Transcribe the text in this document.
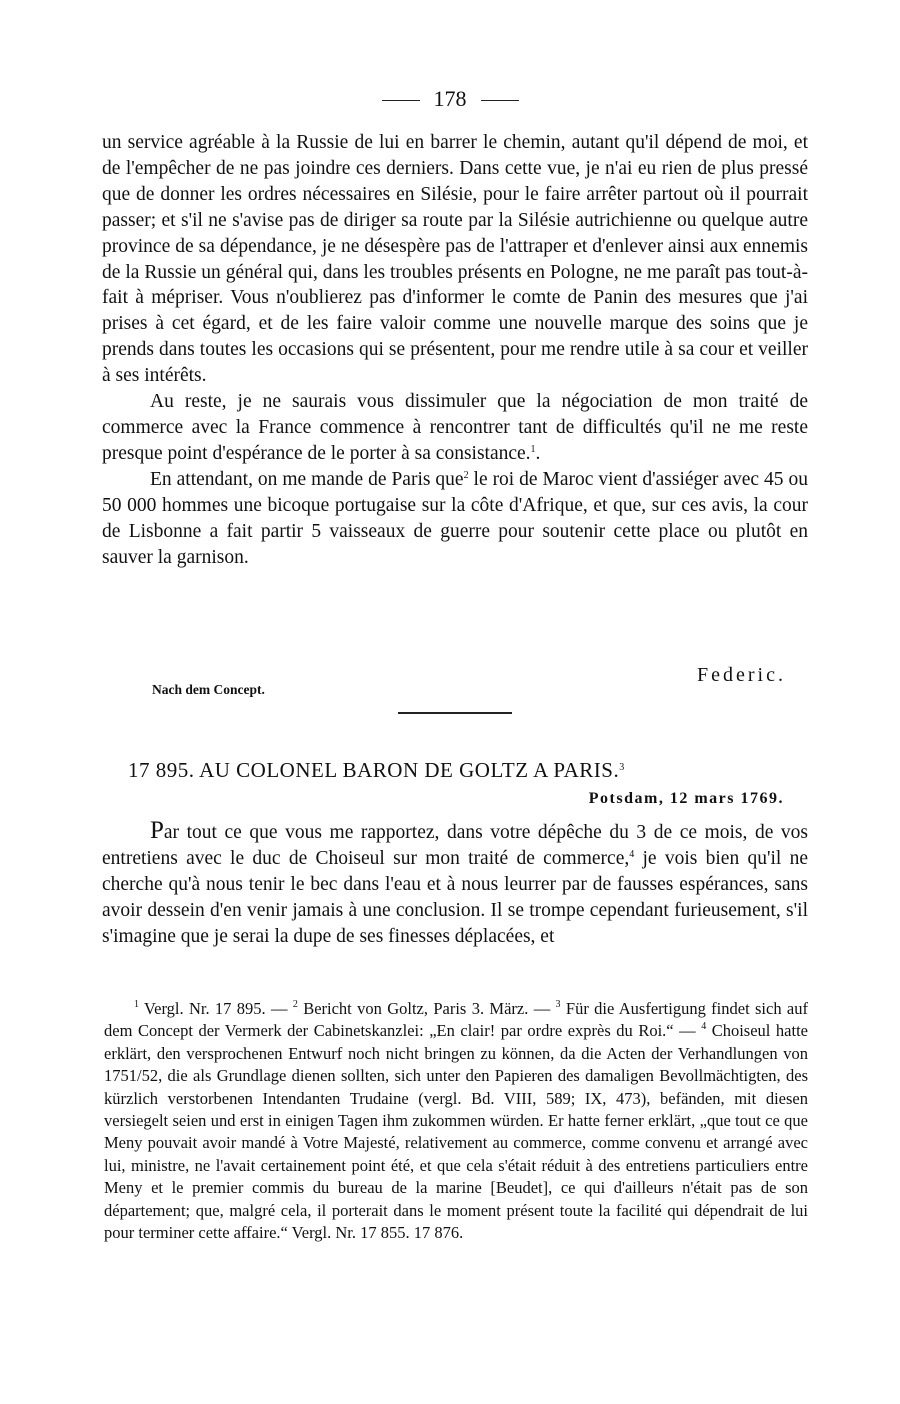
178

un service agréable à la Russie de lui en barrer le chemin, autant qu'il dépend de moi, et de l'empêcher de ne pas joindre ces derniers. Dans cette vue, je n'ai eu rien de plus pressé que de donner les ordres nécessaires en Silésie, pour le faire arrêter partout où il pourrait passer; et s'il ne s'avise pas de diriger sa route par la Silésie autrichienne ou quelque autre province de sa dépendance, je ne désespère pas de l'attraper et d'enlever ainsi aux ennemis de la Russie un général qui, dans les troubles présents en Pologne, ne me paraît pas tout-à-fait à mépriser. Vous n'oublierez pas d'informer le comte de Panin des mesures que j'ai prises à cet égard, et de les faire valoir comme une nouvelle marque des soins que je prends dans toutes les occasions qui se présentent, pour me rendre utile à sa cour et veiller à ses intérêts.

Au reste, je ne saurais vous dissimuler que la négociation de mon traité de commerce avec la France commence à rencontrer tant de difficultés qu'il ne me reste presque point d'espérance de le porter à sa consistance.$^1$.

En attendant, on me mande de Paris que$^2$ le roi de Maroc vient d'assiéger avec 45 ou 50 000 hommes une bicoque portugaise sur la côte d'Afrique, et que, sur ces avis, la cour de Lisbonne a fait partir 5 vaisseaux de guerre pour soutenir cette place ou plutôt en sauver la garnison.

Federic.
Nach dem Concept.
17 895. AU COLONEL BARON DE GOLTZ A PARIS.$^3$
Potsdam, 12 mars 1769.

Par tout ce que vous me rapportez, dans votre dépêche du 3 de ce mois, de vos entretiens avec le duc de Choiseul sur mon traité de commerce,$^4$ je vois bien qu'il ne cherche qu'à nous tenir le bec dans l'eau et à nous leurrer par de fausses espérances, sans avoir dessein d'en venir jamais à une conclusion. Il se trompe cependant furieusement, s'il s'imagine que je serai la dupe de ses finesses déplacées, et

$^1$ Vergl. Nr. 17 895. — $^2$ Bericht von Goltz, Paris 3. März. — $^3$ Für die Ausfertigung findet sich auf dem Concept der Vermerk der Cabinetskanzlei: „En clair! par ordre exprès du Roi.“ — $^4$ Choiseul hatte erklärt, den versprochenen Entwurf noch nicht bringen zu können, da die Acten der Verhandlungen von 1751/52, die als Grundlage dienen sollten, sich unter den Papieren des damaligen Bevollmächtigten, des kürzlich verstorbenen Intendanten Trudaine (vergl. Bd. VIII, 589; IX, 473), befänden, mit diesen versiegelt seien und erst in einigen Tagen ihm zukommen würden. Er hatte ferner erklärt, „que tout ce que Meny pouvait avoir mandé à Votre Majesté, relativement au commerce, comme convenu et arrangé avec lui, ministre, ne l'avait certainement point été, et que cela s'était réduit à des entretiens particuliers entre Meny et le premier commis du bureau de la marine [Beudet], ce qui d'ailleurs n'était pas de son département; que, malgré cela, il porterait dans le moment présent toute la facilité qui dépendrait de lui pour terminer cette affaire.“ Vergl. Nr. 17 855. 17 876.
